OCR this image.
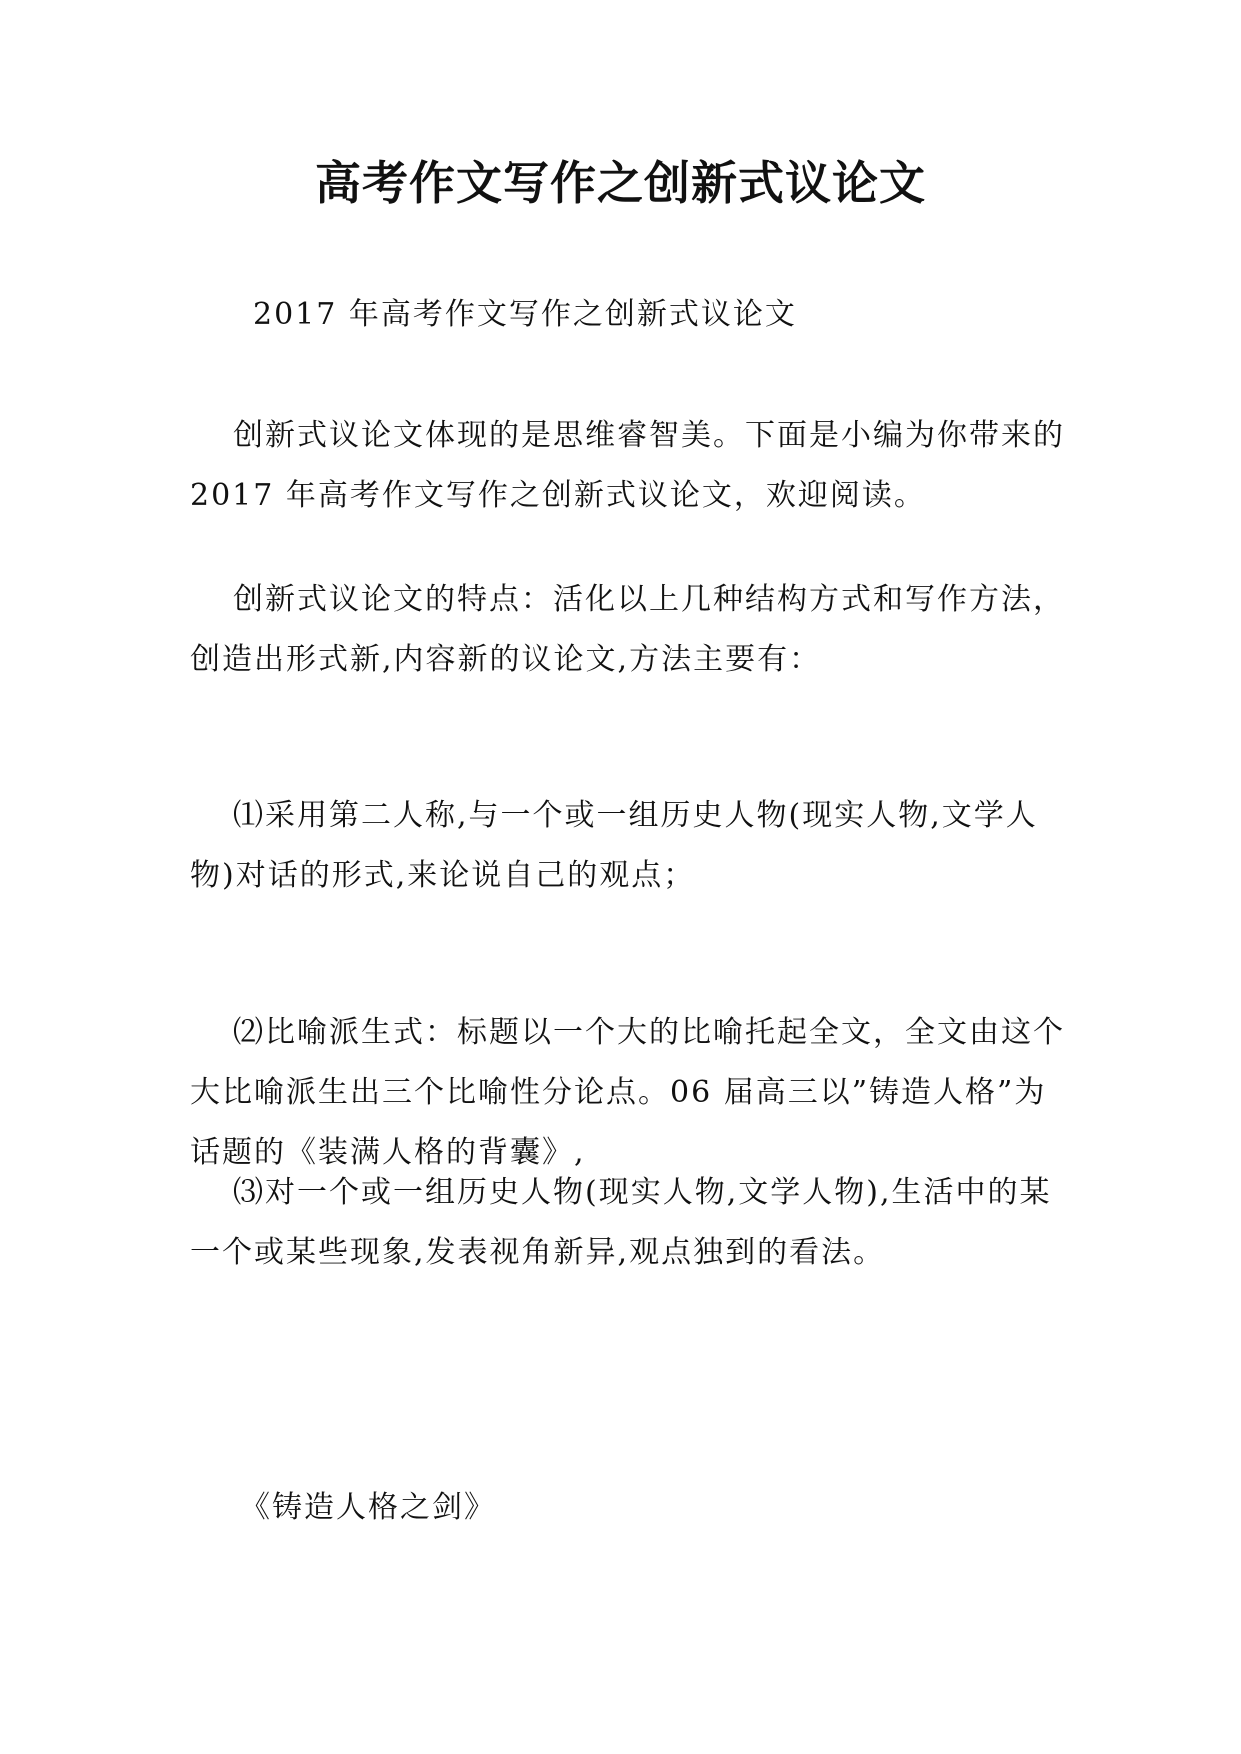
高考作文写作之创新式议论文

2017 年高考作文写作之创新式议论文

创新式议论文体现的是思维睿智美。下面是小编为你带来的 2017 年高考作文写作之创新式议论文，欢迎阅读。

创新式议论文的特点：活化以上几种结构方式和写作方法，创造出形式新,内容新的议论文,方法主要有：

⑴采用第二人称,与一个或一组历史人物(现实人物,文学人物)对话的形式,来论说自己的观点；

⑵比喻派生式：标题以一个大的比喻托起全文，全文由这个大比喻派生出三个比喻性分论点。06 届高三以”铸造人格”为话题的《装满人格的背囊》,

⑶对一个或一组历史人物(现实人物,文学人物),生活中的某一个或某些现象,发表视角新异,观点独到的看法。

《铸造人格之剑》
